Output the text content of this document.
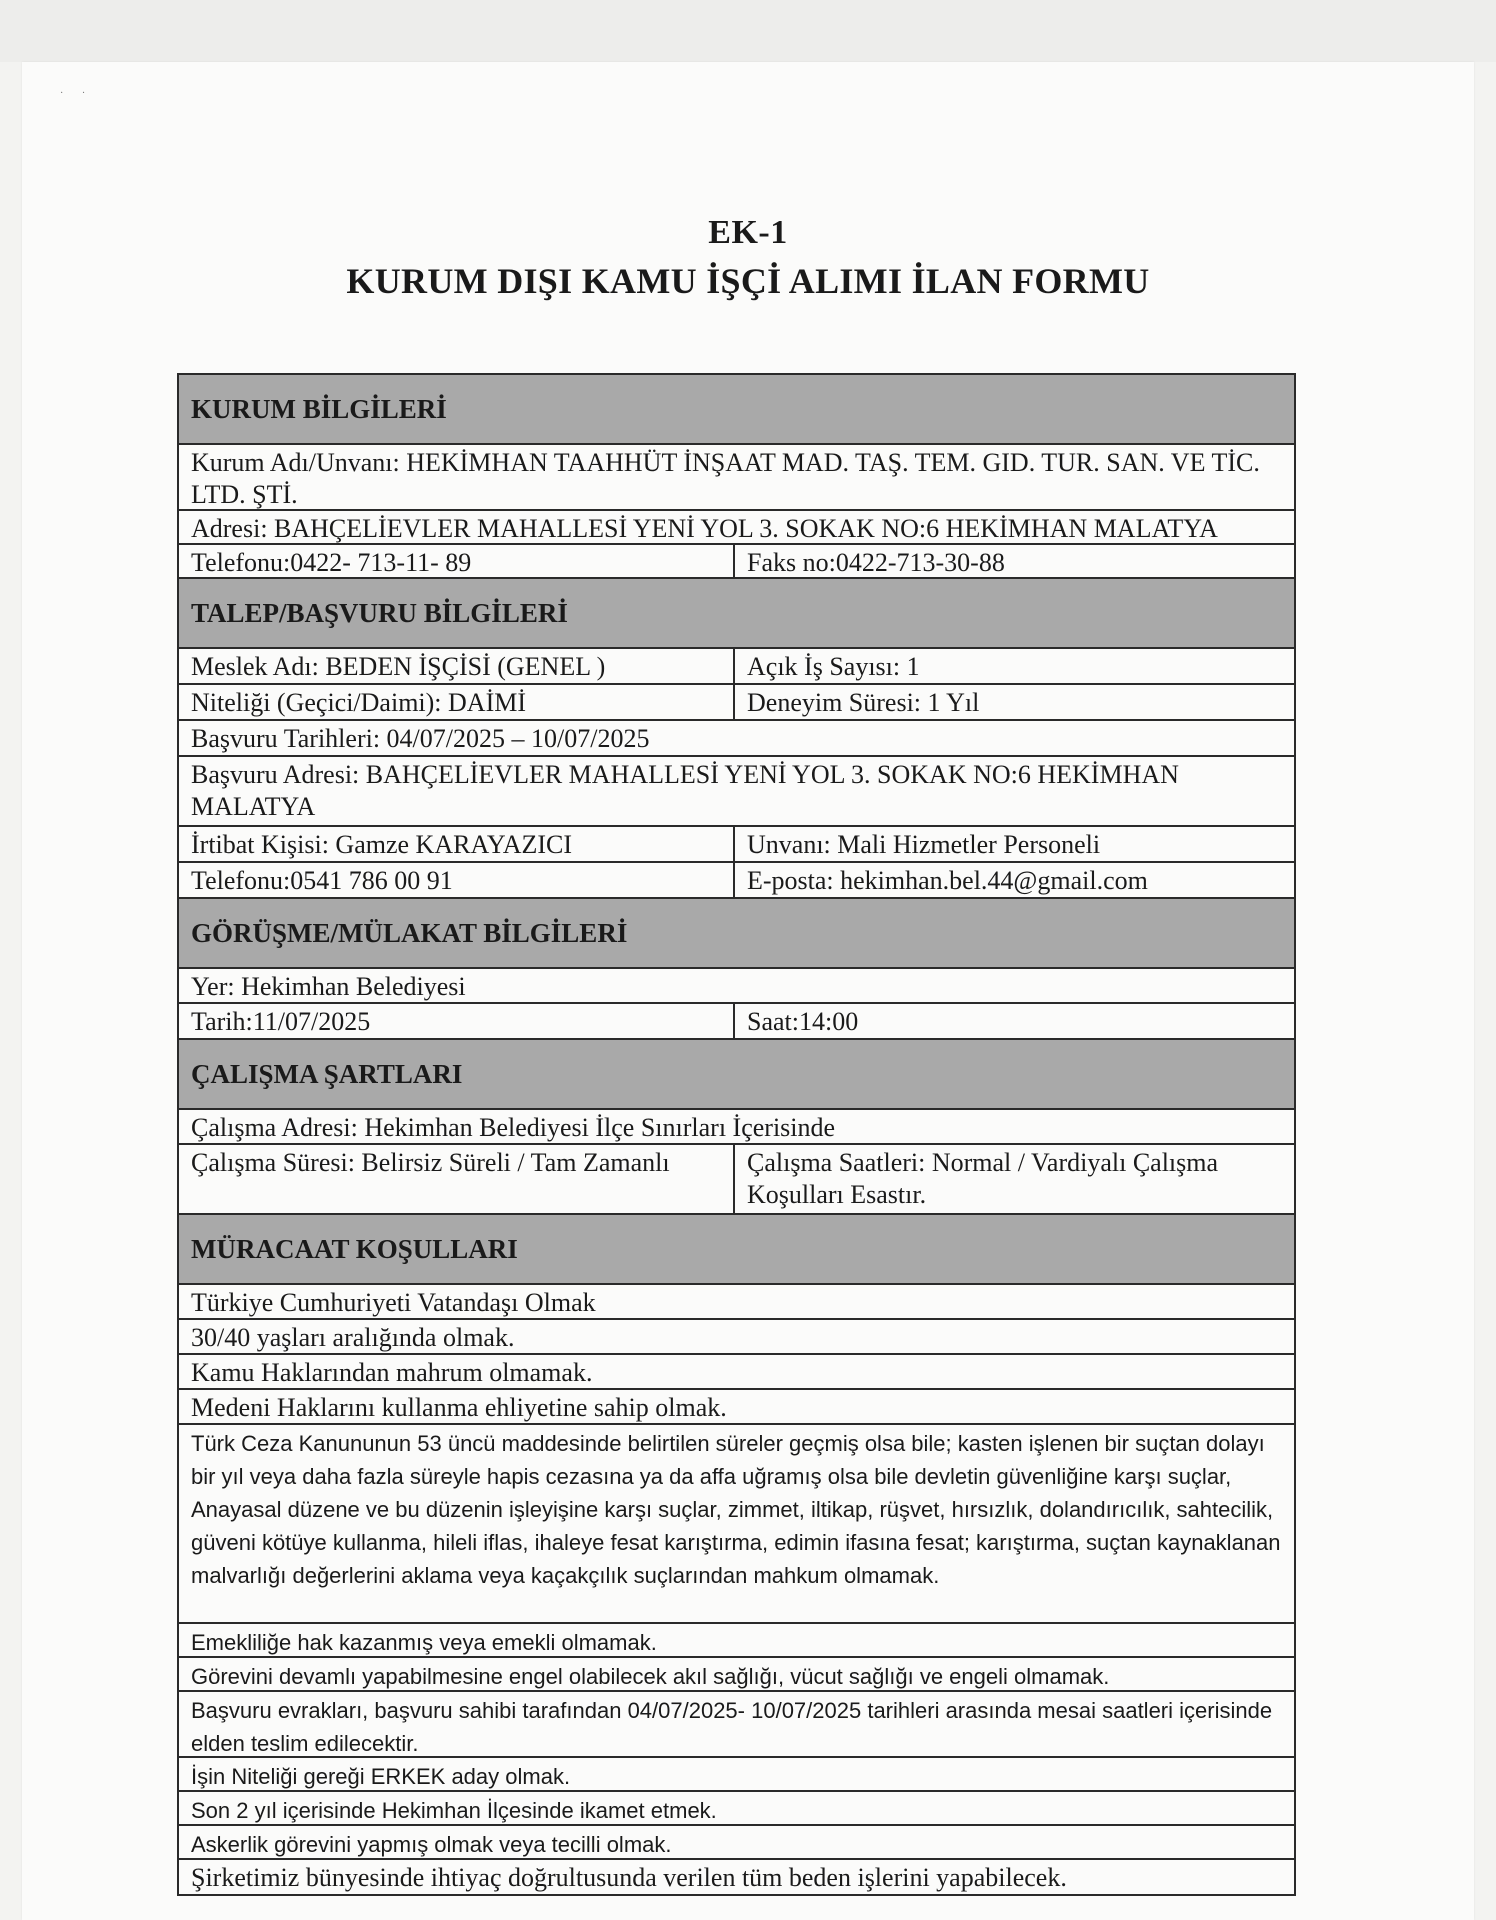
· ·
EK-1
KURUM DIŞI KAMU İŞÇİ ALIMI İLAN FORMU
KURUM BİLGİLERİ
Kurum Adı/Unvanı: HEKİMHAN TAAHHÜT İNŞAAT MAD. TAŞ. TEM. GID. TUR. SAN. VE TİC. LTD. ŞTİ.
Adresi: BAHÇELİEVLER MAHALLESİ YENİ YOL 3. SOKAK NO:6 HEKİMHAN MALATYA
Telefonu:0422- 713-11- 89	Faks no:0422-713-30-88
TALEP/BAŞVURU BİLGİLERİ
Meslek Adı: BEDEN İŞÇİSİ (GENEL )	Açık İş Sayısı: 1
Niteliği (Geçici/Daimi): DAİMİ	Deneyim Süresi: 1 Yıl
Başvuru Tarihleri: 04/07/2025 – 10/07/2025
Başvuru Adresi: BAHÇELİEVLER MAHALLESİ YENİ YOL 3. SOKAK NO:6 HEKİMHAN MALATYA
İrtibat Kişisi: Gamze KARAYAZICI	Unvanı: Mali Hizmetler Personeli
Telefonu:0541 786 00 91	E-posta: hekimhan.bel.44@gmail.com
GÖRÜŞME/MÜLAKAT BİLGİLERİ
Yer: Hekimhan Belediyesi
Tarih:11/07/2025	Saat:14:00
ÇALIŞMA ŞARTLARI
Çalışma Adresi: Hekimhan Belediyesi İlçe Sınırları İçerisinde
Çalışma Süresi: Belirsiz Süreli / Tam Zamanlı	Çalışma Saatleri: Normal / Vardiyalı Çalışma Koşulları Esastır.
MÜRACAAT KOŞULLARI
Türkiye Cumhuriyeti Vatandaşı Olmak
30/40 yaşları aralığında olmak.
Kamu Haklarından mahrum olmamak.
Medeni Haklarını kullanma ehliyetine sahip olmak.
Türk Ceza Kanununun 53 üncü maddesinde belirtilen süreler geçmiş olsa bile; kasten işlenen bir suçtan dolayı bir yıl veya daha fazla süreyle hapis cezasına ya da affa uğramış olsa bile devletin güvenliğine karşı suçlar, Anayasal düzene ve bu düzenin işleyişine karşı suçlar, zimmet, iltikap, rüşvet, hırsızlık, dolandırıcılık, sahtecilik, güveni kötüye kullanma, hileli iflas, ihaleye fesat karıştırma, edimin ifasına fesat; karıştırma, suçtan kaynaklanan malvarlığı değerlerini aklama veya kaçakçılık suçlarından mahkum olmamak.
Emekliliğe hak kazanmış veya emekli olmamak.
Görevini devamlı yapabilmesine engel olabilecek akıl sağlığı, vücut sağlığı ve engeli olmamak.
Başvuru evrakları, başvuru sahibi tarafından 04/07/2025- 10/07/2025 tarihleri arasında mesai saatleri içerisinde elden teslim edilecektir.
İşin Niteliği gereği ERKEK aday olmak.
Son 2 yıl içerisinde Hekimhan İlçesinde ikamet etmek.
Askerlik görevini yapmış olmak veya tecilli olmak.
Şirketimiz bünyesinde ihtiyaç doğrultusunda verilen tüm beden işlerini yapabilecek.
